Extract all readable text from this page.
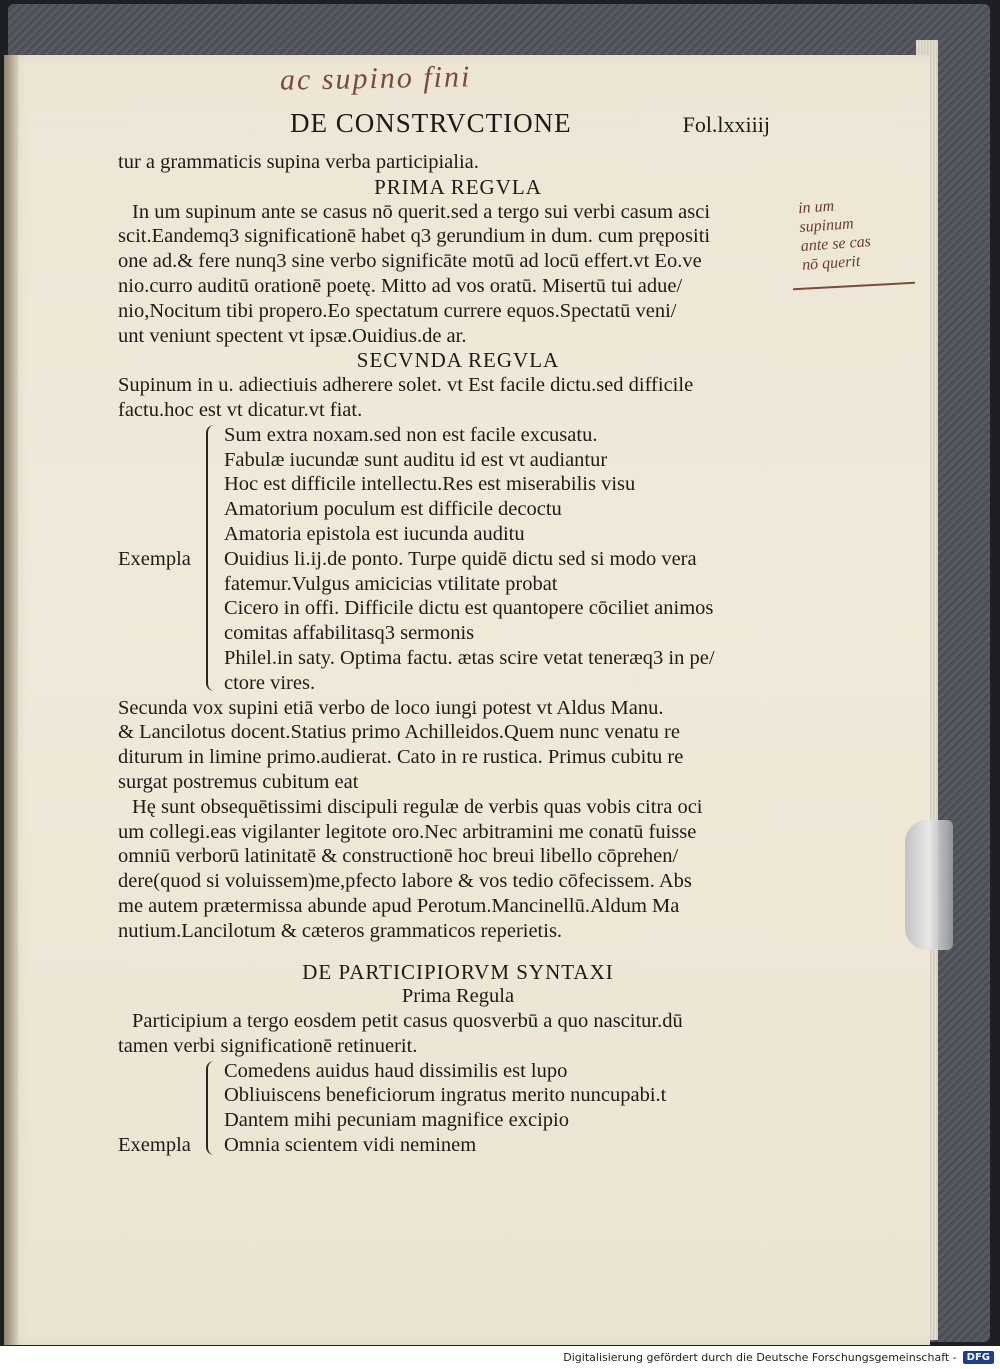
ac supino fini
DE CONSTRVCTIONE	Fol.lxxiiij
in um
supinum
ante se cas
nō querit
tur a grammaticis supina verba participialia.
PRIMA REGVLA
In um supinum ante se casus nō querit.sed a tergo sui verbi casum asci
scit.Eandemq3 significationē habet q3 gerundium in dum. cum prępositi
one ad.& fere nunq3 sine verbo significāte motū ad locū effert.vt Eo.ve
nio.curro auditū orationē poetę. Mitto ad vos oratū. Misertū tui adue/
nio,Nocitum tibi propero.Eo spectatum currere equos.Spectatū veni/
unt veniunt spectent vt ipsæ.Ouidius.de ar.
SECVNDA REGVLA
Supinum in u. adiectiuis adherere solet. vt Est facile dictu.sed difficile
factu.hoc est vt dicatur.vt fiat.
Exempla
Sum extra noxam.sed non est facile excusatu.
Fabulæ iucundæ sunt auditu id est vt audiantur
Hoc est difficile intellectu.Res est miserabilis visu
Amatorium poculum est difficile decoctu
Amatoria epistola est iucunda auditu
Ouidius li.ij.de ponto. Turpe quidē dictu sed si modo vera
fatemur.Vulgus amicicias vtilitate probat
Cicero in offi. Difficile dictu est quantopere cōciliet animos
comitas affabilitasq3 sermonis
Philel.in saty. Optima factu. ætas scire vetat teneræq3 in pe/
ctore vires.
Secunda vox supini etiā verbo de loco iungi potest vt Aldus Manu.
& Lancilotus docent.Statius primo Achilleidos.Quem nunc venatu re
diturum in limine primo.audierat. Cato in re rustica. Primus cubitu re
surgat postremus cubitum eat
Hę sunt obsequētissimi discipuli regulæ de verbis quas vobis citra oci
um collegi.eas vigilanter legitote oro.Nec arbitramini me conatū fuisse
omniū verborū latinitatē & constructionē hoc breui libello cōprehen/
dere(quod si voluissem)me,pfecto labore & vos tedio cōfecissem. Abs
me autem prætermissa abunde apud Perotum.Mancinellū.Aldum Ma
nutium.Lancilotum & cæteros grammaticos reperietis.
DE PARTICIPIORVM SYNTAXI
Prima Regula
Participium a tergo eosdem petit casus quosverbū a quo nascitur.dū
tamen verbi significationē retinuerit.
Exempla
Comedens auidus haud dissimilis est lupo
Obliuiscens beneficiorum ingratus merito nuncupabi.t
Dantem mihi pecuniam magnifice excipio
Omnia scientem vidi neminem
Digitalisierung gefördert durch die Deutsche Forschungsgemeinschaft -	DFG
